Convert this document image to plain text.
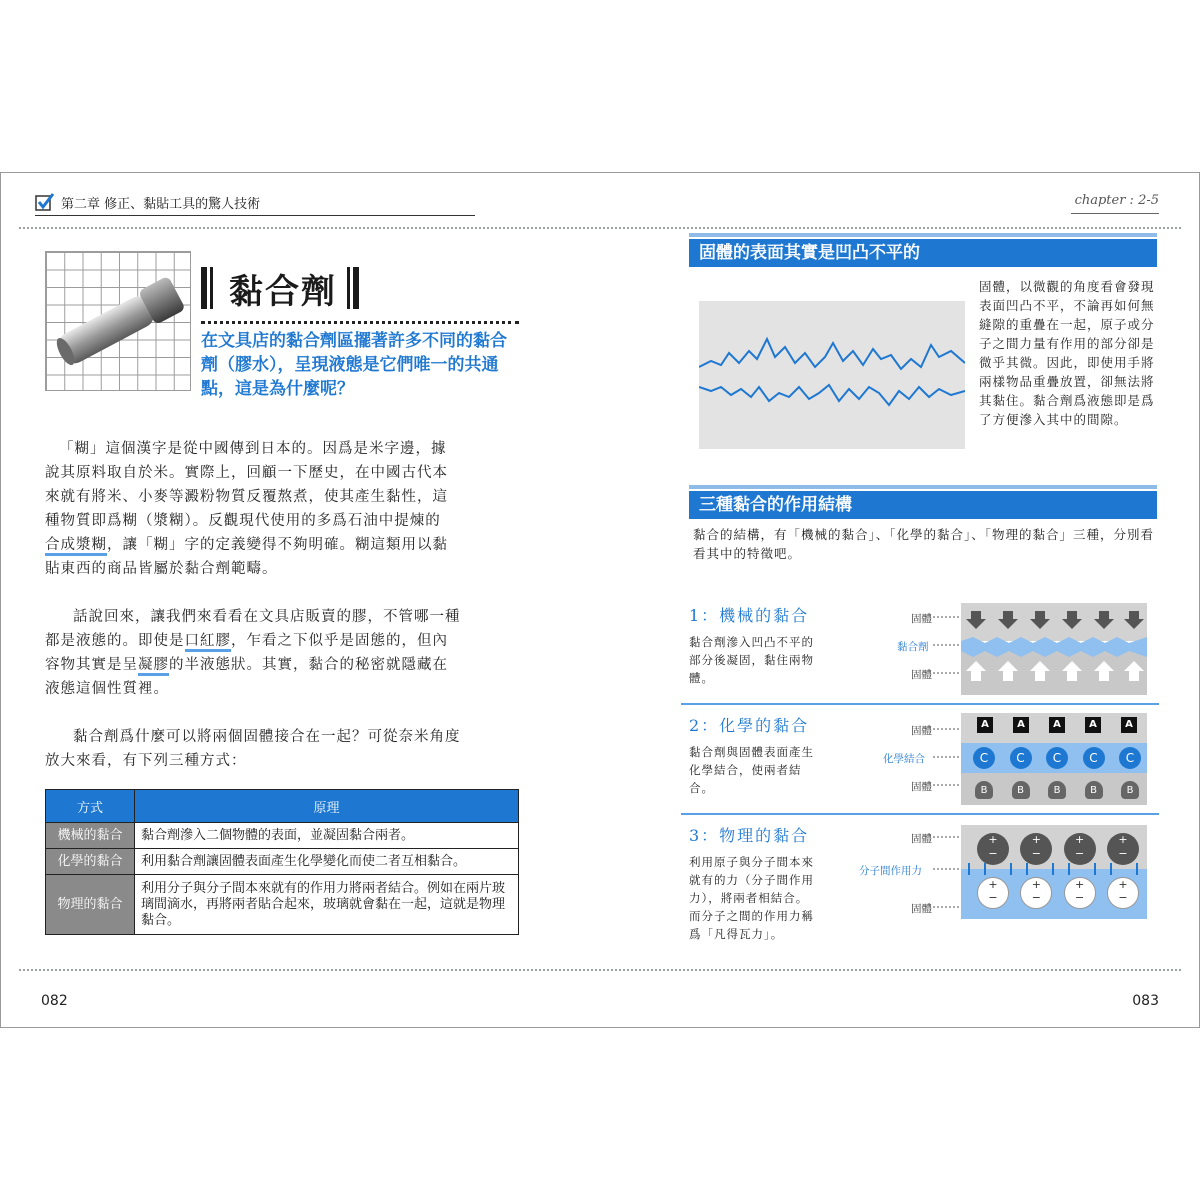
第二章 修正、黏貼工具的驚人技術	chapter : 2-5
黏合劑
在文具店的黏合劑區擺著許多不同的黏合劑（膠水），呈現液態是它們唯一的共通點，這是為什麼呢？
「糊」這個漢字是從中國傳到日本的。因爲是米字邊，據
說其原料取自於米。實際上，回顧一下歷史，在中國古代本
來就有將米、小麥等澱粉物質反覆熬煮，使其產生黏性，這
種物質即爲糊（漿糊）。反觀現代使用的多爲石油中提煉的
合成漿糊，讓「糊」字的定義變得不夠明確。糊這類用以黏
貼東西的商品皆屬於黏合劑範疇。
話說回來，讓我們來看看在文具店販賣的膠，不管哪一種
都是液態的。即使是口紅膠，乍看之下似乎是固態的，但內
容物其實是呈凝膠的半液態狀。其實，黏合的秘密就隱藏在
液態這個性質裡。
黏合劑爲什麼可以將兩個固體接合在一起？可從奈米角度
放大來看，有下列三種方式：
方式	原理
機械的黏合	黏合劑滲入二個物體的表面，並凝固黏合兩者。
化學的黏合	利用黏合劑讓固體表面產生化學變化而使二者互相黏合。
物理的黏合	利用分子與分子間本來就有的作用力將兩者結合。例如在兩片玻璃間滴水，再將兩者貼合起來，玻璃就會黏在一起，這就是物理黏合。
082
固體的表面其實是凹凸不平的
固體，以微觀的角度看會發現表面凹凸不平，不論再如何無縫隙的重疊在一起，原子或分子之間力量有作用的部分卻是微乎其微。因此，即使用手將兩樣物品重疊放置，卻無法將其黏住。黏合劑爲液態即是爲了方便滲入其中的間隙。
三種黏合的作用結構
黏合的結構，有「機械的黏合」、「化學的黏合」、「物理的黏合」三種，分別看看其中的特徵吧。
1：機械的黏合
黏合劑滲入凹凸不平的部分後凝固，黏住兩物體。
固體
黏合劑
固體
2：化學的黏合
黏合劑與固體表面產生化學結合，使兩者結合。
固體
化學結合
固體
A	A	A	A	A
C	C	C	C	C
B	B	B	B	B
3：物理的黏合
利用原子與分子間本來就有的力（分子間作用力），將兩者相結合。而分子之間的作用力稱爲「凡得瓦力」。
固體
分子間作用力
固體
+
−
+
−
+
−
+
−
+
−
+
−
+
−
+
−
083
